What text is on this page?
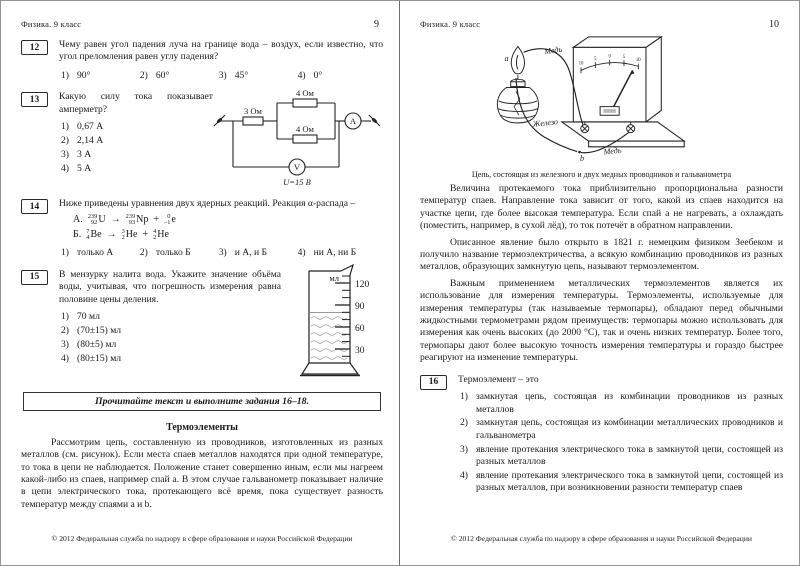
Физика. 9 класс	9
12	Чему равен угол падения луча на границе вода – воздух, если известно, что угол преломления равен углу падения?
1) 90°	2) 60°	3) 45°	4) 0°
13	Какую силу тока показывает амперметр?
1) 0,67 А
2) 2,14 А
3) 3 А
4) 5 А
3 Ом
4 Ом
4 Ом
А
V
U=15 В
14	Ниже приведены уравнения двух ядерных реакций. Реакция α-распада –
А. 239
92 U → 239
93 Np + 0
–1 e
Б. 7
4 Be → 3
2 He + 4
2 He
1) только А	2) только Б	3) и А, и Б	4) ни А, ни Б
15	В мензурку налита вода. Укажите значение объёма воды, учитывая, что погрешность измерения равна половине цены деления.
1) 70 мл
2) (70±15) мл
3) (80±5) мл
4) (80±15) мл
мл
120
90
60
30
Прочитайте текст и выполните задания 16–18.
Термоэлементы

Рассмотрим цепь, составленную из проводников, изготовленных из разных металлов (см. рисунок). Если места спаев металлов находятся при одной температуре, то тока в цепи не наблюдается. Положение станет совершенно иным, если мы нагреем какой-либо из спаев, например спай a. В этом случае гальванометр показывает наличие в цепи электрического тока, протекающего всё время, пока существует разность температур между спаями a и b.

© 2012 Федеральная служба по надзору в сфере образования и науки Российской Федерации
Физика. 9 класс	10
10
5 0 5
10
a
Медь
Железо
Медь
b
Цепь, состоящая из железного и двух медных проводников и гальванометра

Величина протекаемого тока приблизительно пропорциональна разности температур спаев. Направление тока зависит от того, какой из спаев находится на участке цепи, где более высокая температура. Если спай a не нагревать, а охлаждать (поместить, например, в сухой лёд), то ток потечёт в обратном направлении.

Описанное явление было открыто в 1821 г. немецким физиком Зеебеком и получило название термоэлектричества, а всякую комбинацию проводников из разных металлов, образующих замкнутую цепь, называют термоэлементом.

Важным применением металлических термоэлементов является их использование для измерения температуры. Термоэлементы, используемые для измерения температуры (так называемые термопары), обладают перед обычными жидкостными термометрами рядом преимуществ: термопары можно использовать для измерения как очень высоких (до 2000 °С), так и очень низких температур. Более того, термопары дают более высокую точность измерения температуры и гораздо быстрее реагируют на изменение температуры.

16	Термоэлемент – это
1) замкнутая цепь, состоящая из комбинации проводников из разных металлов
2) замкнутая цепь, состоящая из комбинации металлических проводников и гальванометра
3) явление протекания электрического тока в замкнутой цепи, состоящей из разных металлов
4) явление протекания электрического тока в замкнутой цепи, состоящей из разных металлов, при возникновении разности температур спаев
© 2012 Федеральная служба по надзору в сфере образования и науки Российской Федерации
